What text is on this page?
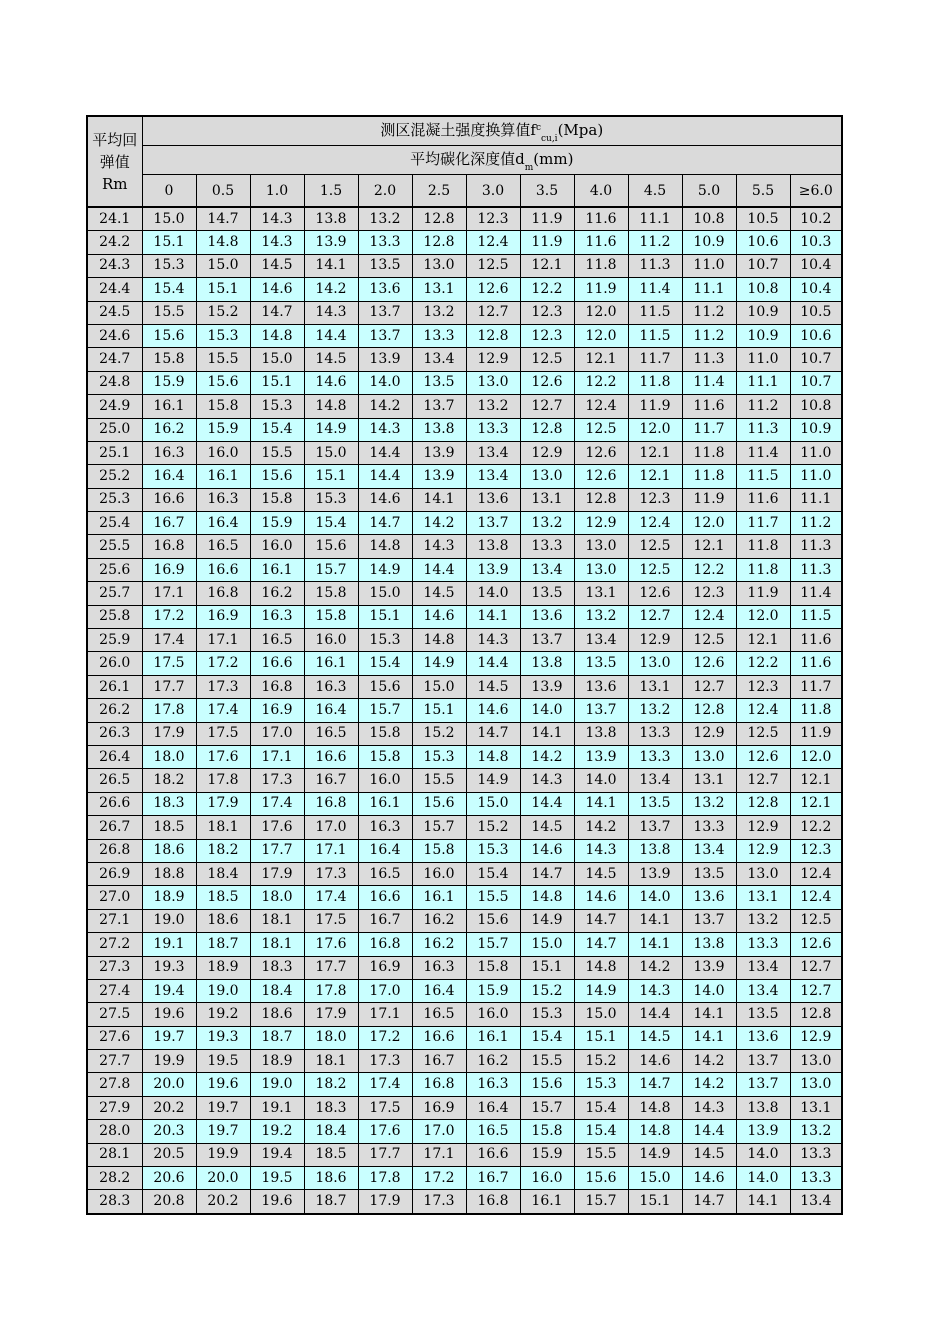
平均回弹值Rm	测区混凝土强度换算值$f^c_{cu,i}(Mpa)$												
	平均碳化深度值$d_m(mm)$												
	0	0.5	1.0	1.5	2.0	2.5	3.0	3.5	4.0	4.5	5.0	5.5	≥6.0
24.1	15.0	14.7	14.3	13.8	13.2	12.8	12.3	11.9	11.6	11.1	10.8	10.5	10.2
24.2	15.1	14.8	14.3	13.9	13.3	12.8	12.4	11.9	11.6	11.2	10.9	10.6	10.3
24.3	15.3	15.0	14.5	14.1	13.5	13.0	12.5	12.1	11.8	11.3	11.0	10.7	10.4
24.4	15.4	15.1	14.6	14.2	13.6	13.1	12.6	12.2	11.9	11.4	11.1	10.8	10.4
24.5	15.5	15.2	14.7	14.3	13.7	13.2	12.7	12.3	12.0	11.5	11.2	10.9	10.5
24.6	15.6	15.3	14.8	14.4	13.7	13.3	12.8	12.3	12.0	11.5	11.2	10.9	10.6
24.7	15.8	15.5	15.0	14.5	13.9	13.4	12.9	12.5	12.1	11.7	11.3	11.0	10.7
24.8	15.9	15.6	15.1	14.6	14.0	13.5	13.0	12.6	12.2	11.8	11.4	11.1	10.7
24.9	16.1	15.8	15.3	14.8	14.2	13.7	13.2	12.7	12.4	11.9	11.6	11.2	10.8
25.0	16.2	15.9	15.4	14.9	14.3	13.8	13.3	12.8	12.5	12.0	11.7	11.3	10.9
25.1	16.3	16.0	15.5	15.0	14.4	13.9	13.4	12.9	12.6	12.1	11.8	11.4	11.0
25.2	16.4	16.1	15.6	15.1	14.4	13.9	13.4	13.0	12.6	12.1	11.8	11.5	11.0
25.3	16.6	16.3	15.8	15.3	14.6	14.1	13.6	13.1	12.8	12.3	11.9	11.6	11.1
25.4	16.7	16.4	15.9	15.4	14.7	14.2	13.7	13.2	12.9	12.4	12.0	11.7	11.2
25.5	16.8	16.5	16.0	15.6	14.8	14.3	13.8	13.3	13.0	12.5	12.1	11.8	11.3
25.6	16.9	16.6	16.1	15.7	14.9	14.4	13.9	13.4	13.0	12.5	12.2	11.8	11.3
25.7	17.1	16.8	16.2	15.8	15.0	14.5	14.0	13.5	13.1	12.6	12.3	11.9	11.4
25.8	17.2	16.9	16.3	15.8	15.1	14.6	14.1	13.6	13.2	12.7	12.4	12.0	11.5
25.9	17.4	17.1	16.5	16.0	15.3	14.8	14.3	13.7	13.4	12.9	12.5	12.1	11.6
26.0	17.5	17.2	16.6	16.1	15.4	14.9	14.4	13.8	13.5	13.0	12.6	12.2	11.6
26.1	17.7	17.3	16.8	16.3	15.6	15.0	14.5	13.9	13.6	13.1	12.7	12.3	11.7
26.2	17.8	17.4	16.9	16.4	15.7	15.1	14.6	14.0	13.7	13.2	12.8	12.4	11.8
26.3	17.9	17.5	17.0	16.5	15.8	15.2	14.7	14.1	13.8	13.3	12.9	12.5	11.9
26.4	18.0	17.6	17.1	16.6	15.8	15.3	14.8	14.2	13.9	13.3	13.0	12.6	12.0
26.5	18.2	17.8	17.3	16.7	16.0	15.5	14.9	14.3	14.0	13.4	13.1	12.7	12.1
26.6	18.3	17.9	17.4	16.8	16.1	15.6	15.0	14.4	14.1	13.5	13.2	12.8	12.1
26.7	18.5	18.1	17.6	17.0	16.3	15.7	15.2	14.5	14.2	13.7	13.3	12.9	12.2
26.8	18.6	18.2	17.7	17.1	16.4	15.8	15.3	14.6	14.3	13.8	13.4	12.9	12.3
26.9	18.8	18.4	17.9	17.3	16.5	16.0	15.4	14.7	14.5	13.9	13.5	13.0	12.4
27.0	18.9	18.5	18.0	17.4	16.6	16.1	15.5	14.8	14.6	14.0	13.6	13.1	12.4
27.1	19.0	18.6	18.1	17.5	16.7	16.2	15.6	14.9	14.7	14.1	13.7	13.2	12.5
27.2	19.1	18.7	18.1	17.6	16.8	16.2	15.7	15.0	14.7	14.1	13.8	13.3	12.6
27.3	19.3	18.9	18.3	17.7	16.9	16.3	15.8	15.1	14.8	14.2	13.9	13.4	12.7
27.4	19.4	19.0	18.4	17.8	17.0	16.4	15.9	15.2	14.9	14.3	14.0	13.4	12.7
27.5	19.6	19.2	18.6	17.9	17.1	16.5	16.0	15.3	15.0	14.4	14.1	13.5	12.8
27.6	19.7	19.3	18.7	18.0	17.2	16.6	16.1	15.4	15.1	14.5	14.1	13.6	12.9
27.7	19.9	19.5	18.9	18.1	17.3	16.7	16.2	15.5	15.2	14.6	14.2	13.7	13.0
27.8	20.0	19.6	19.0	18.2	17.4	16.8	16.3	15.6	15.3	14.7	14.2	13.7	13.0
27.9	20.2	19.7	19.1	18.3	17.5	16.9	16.4	15.7	15.4	14.8	14.3	13.8	13.1
28.0	20.3	19.7	19.2	18.4	17.6	17.0	16.5	15.8	15.4	14.8	14.4	13.9	13.2
28.1	20.5	19.9	19.4	18.5	17.7	17.1	16.6	15.9	15.5	14.9	14.5	14.0	13.3
28.2	20.6	20.0	19.5	18.6	17.8	17.2	16.7	16.0	15.6	15.0	14.6	14.0	13.3
28.3	20.8	20.2	19.6	18.7	17.9	17.3	16.8	16.1	15.7	15.1	14.7	14.1	13.4
